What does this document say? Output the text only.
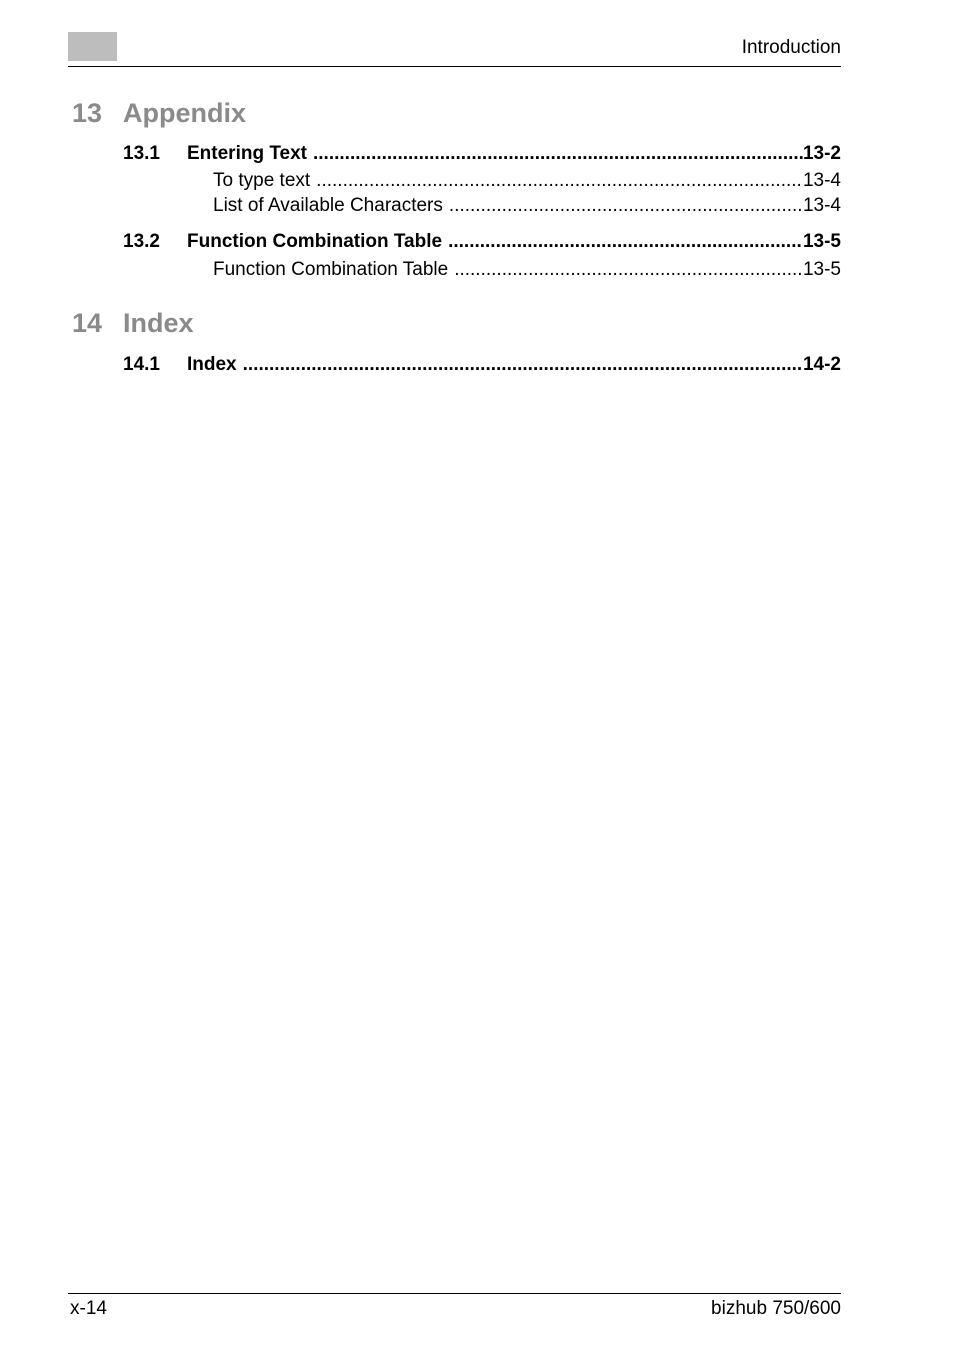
Introduction
13 Appendix
13.1	Entering Text .....	13-2
To type text .....	13-4
List of Available Characters .....	13-4
13.2	Function Combination Table .....	13-5
Function Combination Table .....	13-5
14 Index
14.1	Index .....	14-2
x-14	bizhub 750/600
